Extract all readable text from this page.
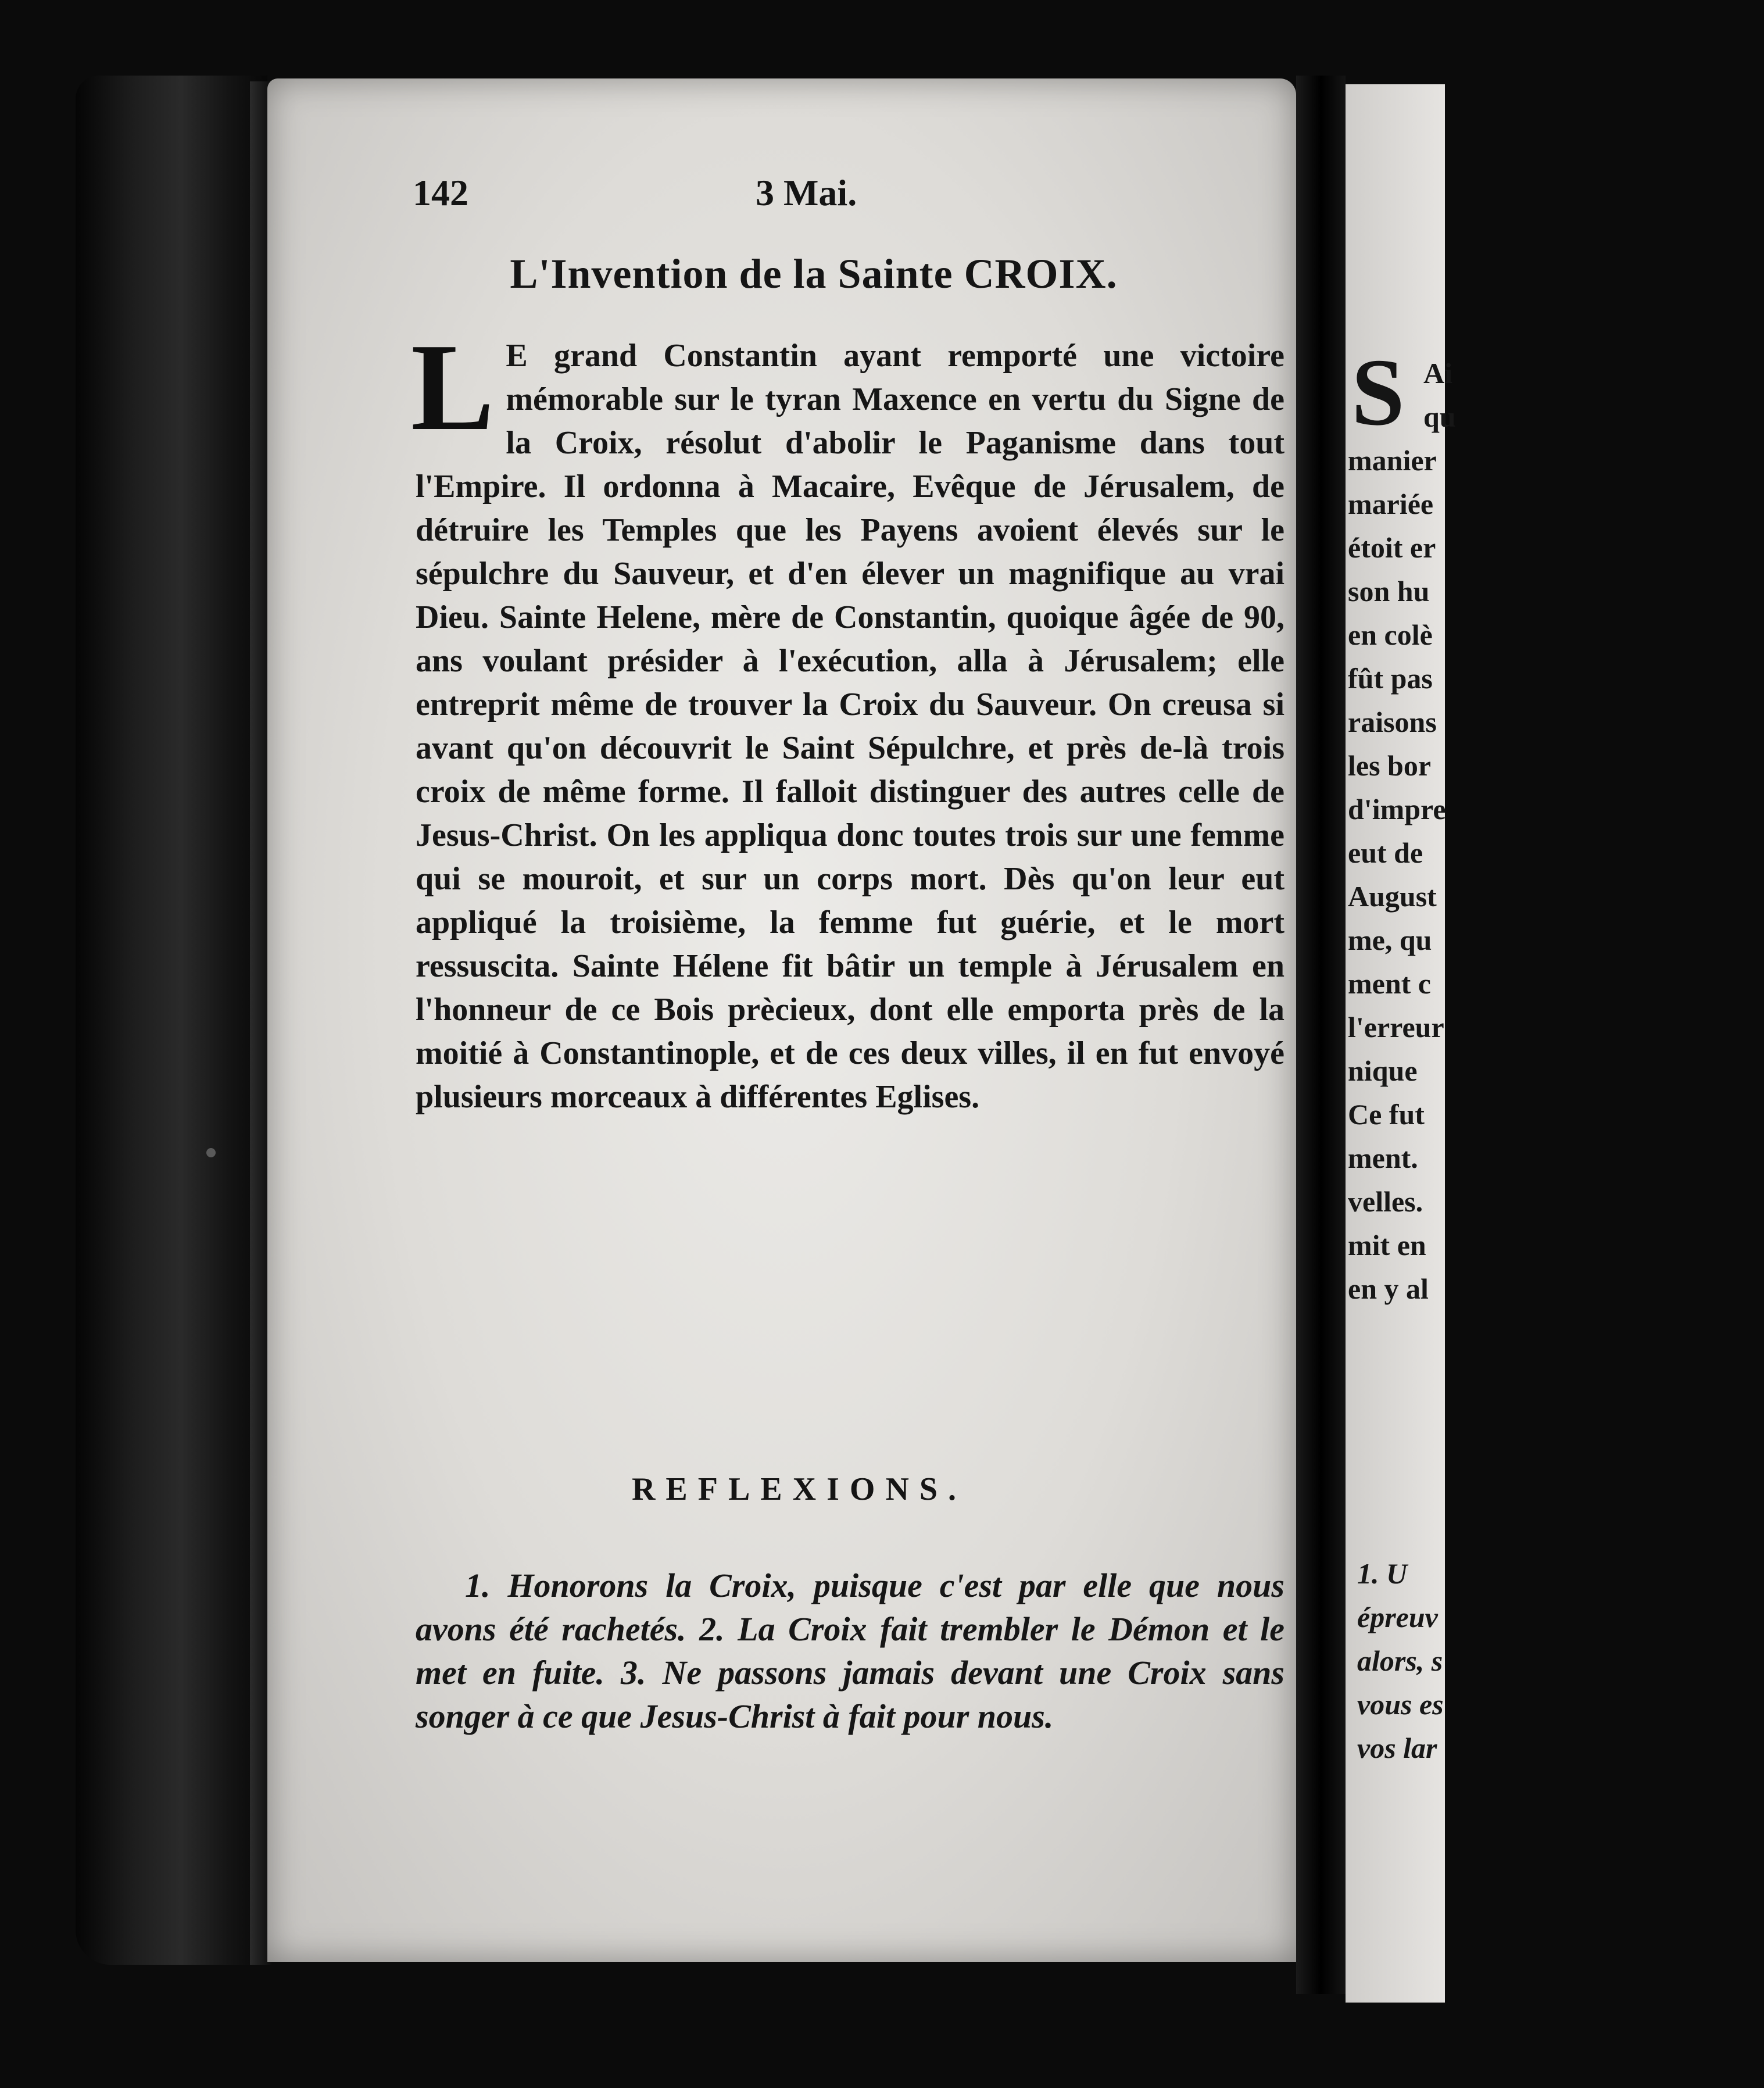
142	3 Mai.
L'Invention de la Sainte CROIX.
L E grand Constantin ayant remporté une victoire mémorable sur le tyran Maxence en vertu du Signe de la Croix, résolut d'abolir le Paganisme dans tout l'Empire. Il ordonna à Macaire, Evêque de Jérusalem, de détruire les Temples que les Payens avoient élevés sur le sépulchre du Sauveur, et d'en élever un magnifique au vrai Dieu. Sainte Helene, mère de Constantin, quoique âgée de 90, ans voulant présider à l'exécution, alla à Jérusalem; elle entreprit même de trouver la Croix du Sauveur. On creusa si avant qu'on découvrit le Saint Sépulchre, et près de-là trois croix de même forme. Il falloit distinguer des autres celle de Jesus-Christ. On les appliqua donc toutes trois sur une femme qui se mouroit, et sur un corps mort. Dès qu'on leur eut appliqué la troisième, la femme fut guérie, et le mort ressuscita. Sainte Hélene fit bâtir un temple à Jérusalem en l'honneur de ce Bois prècieux, dont elle emporta près de la moitié à Constantinople, et de ces deux villes, il en fut envoyé plusieurs morceaux à différentes Eglises.
REFLEXIONS.
1. Honorons la Croix, puisque c'est par elle que nous avons été rachetés. 2. La Croix fait trembler le Démon et le met en fuite. 3. Ne passons jamais devant une Croix sans songer à ce que Jesus-Christ à fait pour nous.
S Ai
qu
manier
mariée
étoit er
son hu
en colè
fût pas
raisons
les bor
d'impre
eut de
August
me, qu
ment c
l'erreur
nique
Ce fut
ment.
velles.
mit en
en y al
1. U
épreuv
alors, s
vous es
vos lar
